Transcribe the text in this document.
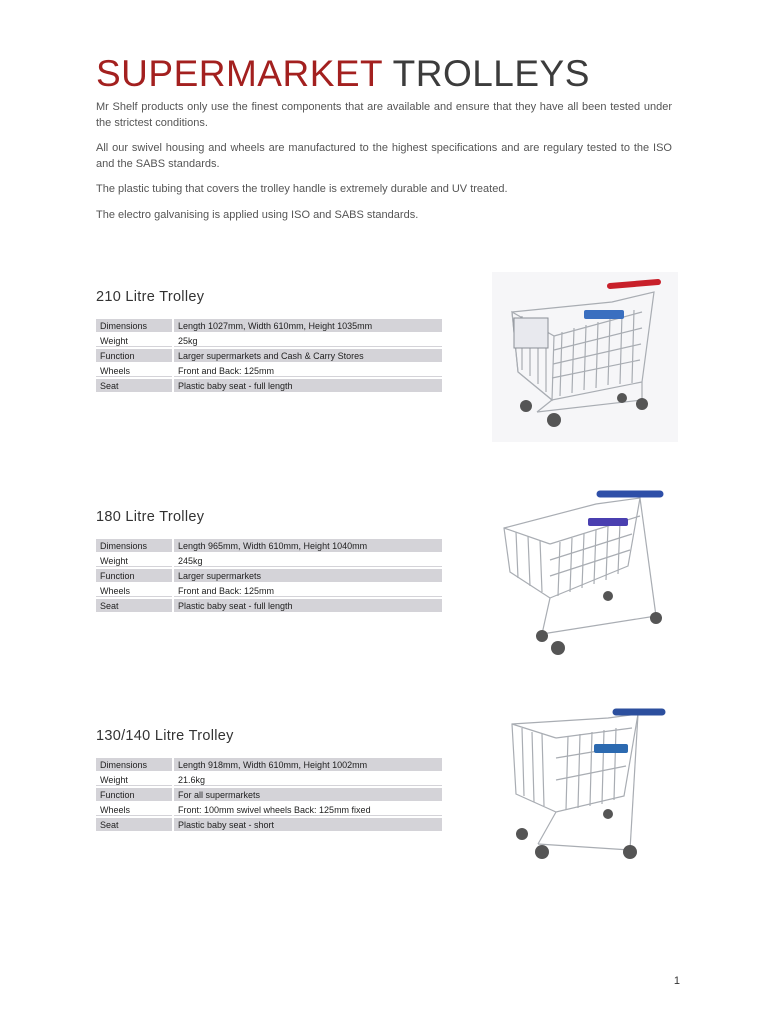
SUPERMARKET TROLLEYS

Mr Shelf products only use the finest components that are available and ensure that they have all been tested under the strictest conditions.

All our swivel housing and wheels are manufactured to the highest specifications and are regulary tested to the ISO and the SABS standards.

The plastic tubing that covers the trolley handle is extremely durable and UV treated.

The electro galvanising is applied using ISO and SABS standards.

210 Litre Trolley
Dimensions	Length 1027mm, Width 610mm, Height 1035mm
Weight	25kg
Function	Larger supermarkets and Cash & Carry Stores
Wheels	Front and Back: 125mm
Seat	Plastic baby seat - full length
180 Litre Trolley
Dimensions	Length 965mm, Width 610mm, Height 1040mm
Weight	245kg
Function	Larger supermarkets
Wheels	Front and Back: 125mm
Seat	Plastic baby seat - full length
130/140 Litre Trolley
Dimensions	Length 918mm, Width 610mm, Height 1002mm
Weight	21.6kg
Function	For all supermarkets
Wheels	Front: 100mm swivel wheels Back: 125mm fixed
Seat	Plastic baby seat - short
1
